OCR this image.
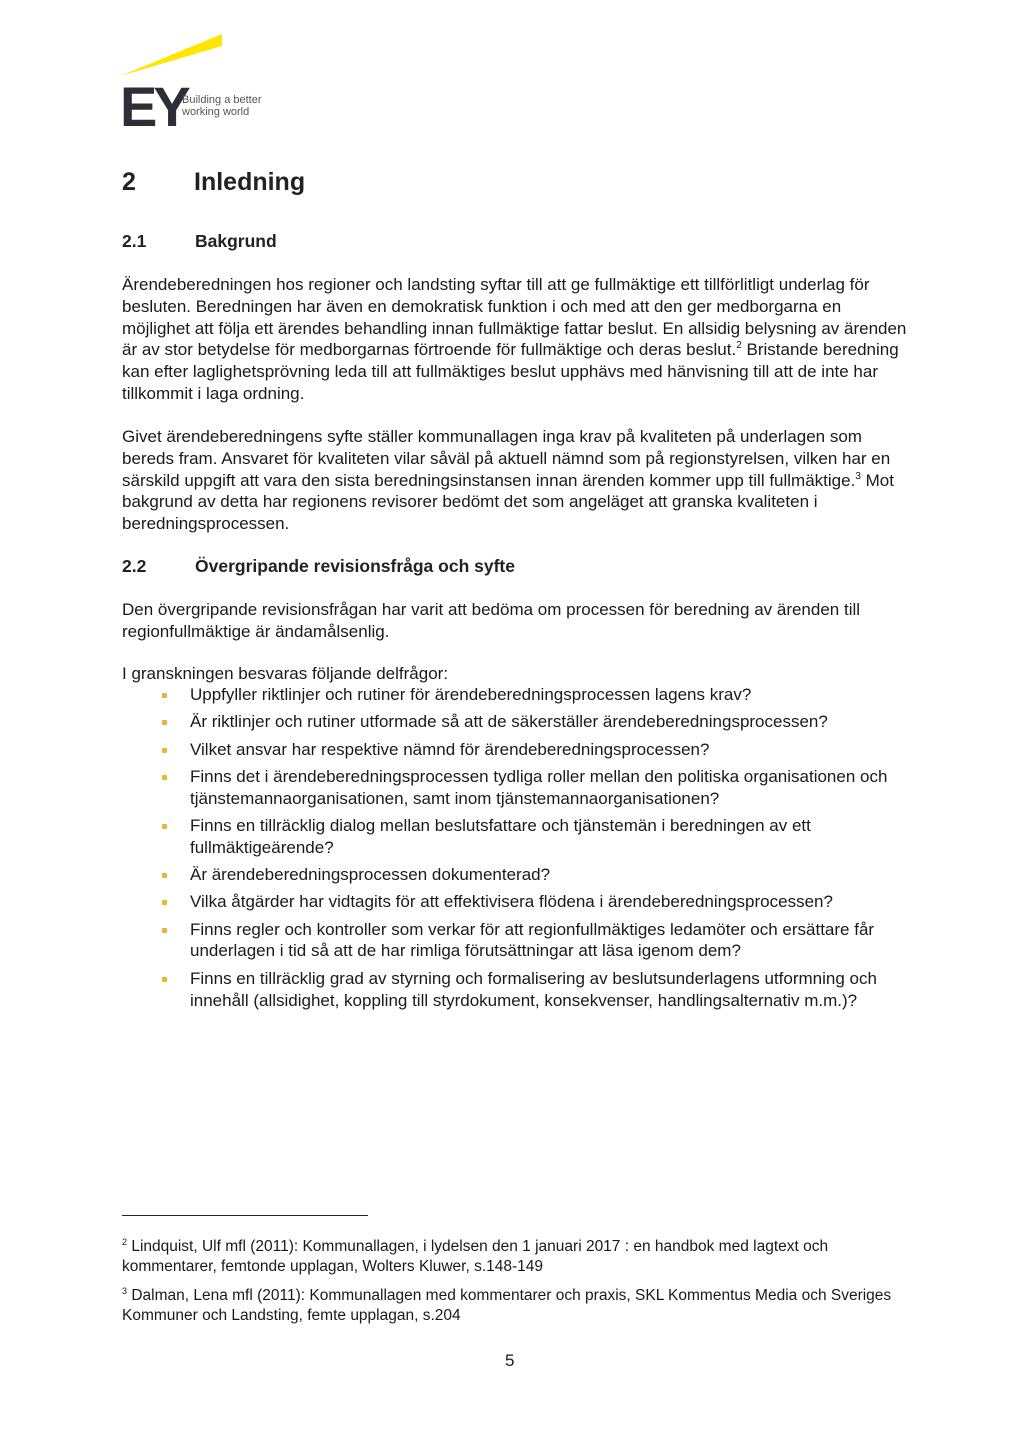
EY
Building a better
working world
2 Inledning
2.1	Bakgrund
Ärendeberedningen hos regioner och landsting syftar till att ge fullmäktige ett tillförlitligt underlag för besluten. Beredningen har även en demokratisk funktion i och med att den ger medborgarna en möjlighet att följa ett ärendes behandling innan fullmäktige fattar beslut. En allsidig belysning av ärenden är av stor betydelse för medborgarnas förtroende för fullmäktige och deras beslut.$^2$ Bristande beredning kan efter laglighetsprövning leda till att fullmäktiges beslut upphävs med hänvisning till att de inte har tillkommit i laga ordning.
Givet ärendeberedningens syfte ställer kommunallagen inga krav på kvaliteten på underlagen som bereds fram. Ansvaret för kvaliteten vilar såväl på aktuell nämnd som på regionstyrelsen, vilken har en särskild uppgift att vara den sista beredningsinstansen innan ärenden kommer upp till fullmäktige.$^3$ Mot bakgrund av detta har regionens revisorer bedömt det som angeläget att granska kvaliteten i beredningsprocessen.
2.2	Övergripande revisionsfråga och syfte
Den övergripande revisionsfrågan har varit att bedöma om processen för beredning av ärenden till regionfullmäktige är ändamålsenlig.
I granskningen besvaras följande delfrågor:
Uppfyller riktlinjer och rutiner för ärendeberedningsprocessen lagens krav?
Är riktlinjer och rutiner utformade så att de säkerställer ärendeberedningsprocessen?
Vilket ansvar har respektive nämnd för ärendeberedningsprocessen?
Finns det i ärendeberedningsprocessen tydliga roller mellan den politiska organisationen och tjänstemannaorganisationen, samt inom tjänstemannaorganisationen?
Finns en tillräcklig dialog mellan beslutsfattare och tjänstemän i beredningen av ett fullmäktigeärende?
Är ärendeberedningsprocessen dokumenterad?
Vilka åtgärder har vidtagits för att effektivisera flödena i ärendeberedningsprocessen?
Finns regler och kontroller som verkar för att regionfullmäktiges ledamöter och ersättare får underlagen i tid så att de har rimliga förutsättningar att läsa igenom dem?
Finns en tillräcklig grad av styrning och formalisering av beslutsunderlagens utformning och innehåll (allsidighet, koppling till styrdokument, konsekvenser, handlingsalternativ m.m.)?
$^2$ Lindquist, Ulf mfl (2011): Kommunallagen, i lydelsen den 1 januari 2017 : en handbok med lagtext och kommentarer, femtonde upplagan, Wolters Kluwer, s.148-149
$^3$ Dalman, Lena mfl (2011): Kommunallagen med kommentarer och praxis, SKL Kommentus Media och Sveriges Kommuner och Landsting, femte upplagan, s.204
5
